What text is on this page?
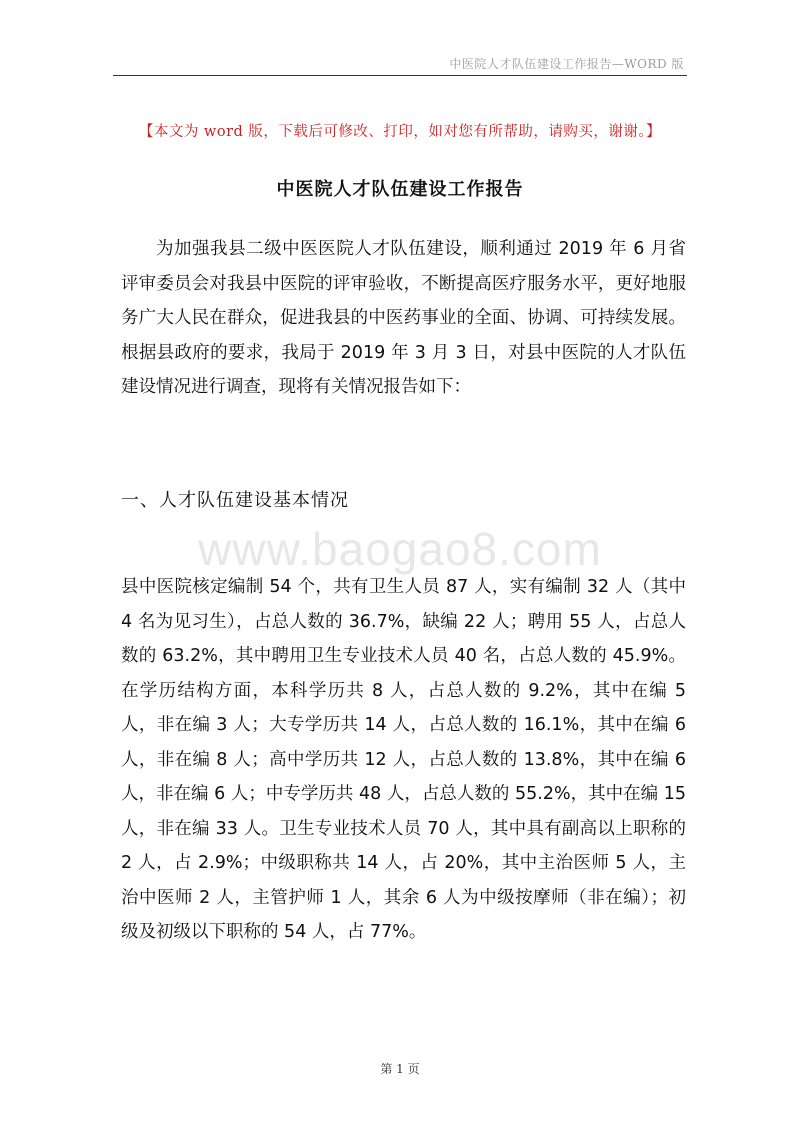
中医院人才队伍建设工作报告—WORD 版
【本文为 word 版，下载后可修改、打印，如对您有所帮助，请购买，谢谢。】
中医院人才队伍建设工作报告

为加强我县二级中医医院人才队伍建设，顺利通过 2019 年 6 月省评审委员会对我县中医院的评审验收，不断提高医疗服务水平，更好地服务广大人民在群众，促进我县的中医药事业的全面、协调、可持续发展。根据县政府的要求，我局于 2019 年 3 月 3 日，对县中医院的人才队伍建设情况进行调查，现将有关情况报告如下：

一、人才队伍建设基本情况
www.baogao8.com

县中医院核定编制 54 个，共有卫生人员 87 人，实有编制 32 人（其中 4 名为见习生），占总人数的 36.7%，缺编 22 人；聘用 55 人，占总人数的 63.2%，其中聘用卫生专业技术人员 40 名，占总人数的 45.9%。在学历结构方面，本科学历共 8 人，占总人数的 9.2%，其中在编 5 人，非在编 3 人；大专学历共 14 人，占总人数的 16.1%，其中在编 6 人，非在编 8 人；高中学历共 12 人，占总人数的 13.8%，其中在编 6 人，非在编 6 人；中专学历共 48 人，占总人数的 55.2%，其中在编 15 人，非在编 33 人。卫生专业技术人员 70 人，其中具有副高以上职称的 2 人，占 2.9%；中级职称共 14 人，占 20%，其中主治医师 5 人，主治中医师 2 人，主管护师 1 人，其余 6 人为中级按摩师（非在编）；初级及初级以下职称的 54 人，占 77%。

第 1 页
